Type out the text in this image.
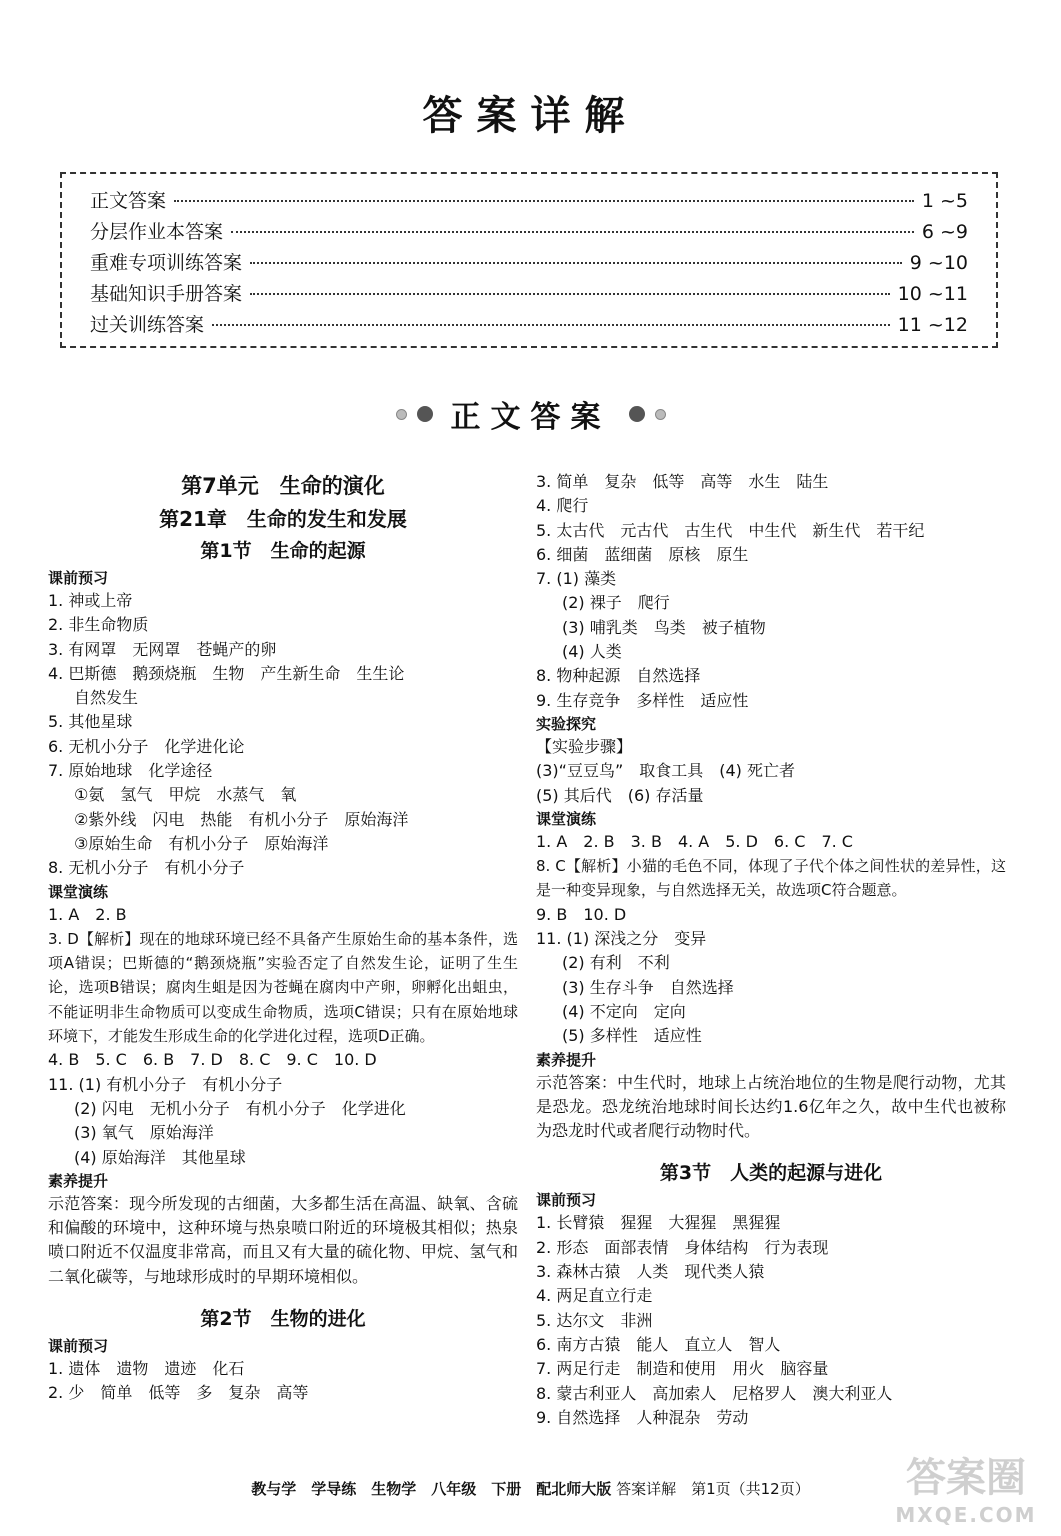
答案详解
正文答案	1 ~5
分层作业本答案	6 ~9
重难专项训练答案	9 ~10
基础知识手册答案	10 ~11
过关训练答案	11 ~12
正文答案
第7单元　生命的演化
第21章　生命的发生和发展
第1节　生命的起源
课前预习
1. 神或上帝
2. 非生命物质
3. 有网罩　无网罩　苍蝇产的卵
4. 巴斯德　鹅颈烧瓶　生物　产生新生命　生生论
自然发生
5. 其他星球
6. 无机小分子　化学进化论
7. 原始地球　化学途径
①氨　氢气　甲烷　水蒸气　氧
②紫外线　闪电　热能　有机小分子　原始海洋
③原始生命　有机小分子　原始海洋
8. 无机小分子　有机小分子
课堂演练
1. A　2. B
3. D【解析】现在的地球环境已经不具备产生原始生命的基本条件，选项A错误；巴斯德的“鹅颈烧瓶”实验否定了自然发生论，证明了生生论，选项B错误；腐肉生蛆是因为苍蝇在腐肉中产卵，卵孵化出蛆虫，不能证明非生命物质可以变成生命物质，选项C错误；只有在原始地球环境下，才能发生形成生命的化学进化过程，选项D正确。
4. B　5. C　6. B　7. D　8. C　9. C　10. D
11. (1) 有机小分子　有机小分子
(2) 闪电　无机小分子　有机小分子　化学进化
(3) 氧气　原始海洋
(4) 原始海洋　其他星球
素养提升
示范答案：现今所发现的古细菌，大多都生活在高温、缺氧、含硫和偏酸的环境中，这种环境与热泉喷口附近的环境极其相似；热泉喷口附近不仅温度非常高，而且又有大量的硫化物、甲烷、氢气和二氧化碳等，与地球形成时的早期环境相似。
第2节　生物的进化
课前预习
1. 遗体　遗物　遗迹　化石
2. 少　简单　低等　多　复杂　高等
3. 简单　复杂　低等　高等　水生　陆生
4. 爬行
5. 太古代　元古代　古生代　中生代　新生代　若干纪
6. 细菌　蓝细菌　原核　原生
7. (1) 藻类
(2) 裸子　爬行
(3) 哺乳类　鸟类　被子植物
(4) 人类
8. 物种起源　自然选择
9. 生存竞争　多样性　适应性
实验探究
【实验步骤】
(3)“豆豆鸟”　取食工具　(4) 死亡者
(5) 其后代　(6) 存活量
课堂演练
1. A　2. B　3. B　4. A　5. D　6. C　7. C
8. C【解析】小猫的毛色不同，体现了子代个体之间性状的差异性，这是一种变异现象，与自然选择无关，故选项C符合题意。
9. B　10. D
11. (1) 深浅之分　变异
(2) 有利　不利
(3) 生存斗争　自然选择
(4) 不定向　定向
(5) 多样性　适应性
素养提升
示范答案：中生代时，地球上占统治地位的生物是爬行动物，尤其是恐龙。恐龙统治地球时间长达约1.6亿年之久，故中生代也被称为恐龙时代或者爬行动物时代。
第3节　人类的起源与进化
课前预习
1. 长臂猿　猩猩　大猩猩　黑猩猩
2. 形态　面部表情　身体结构　行为表现
3. 森林古猿　人类　现代类人猿
4. 两足直立行走
5. 达尔文　非洲
6. 南方古猿　能人　直立人　智人
7. 两足行走　制造和使用　用火　脑容量
8. 蒙古利亚人　高加索人　尼格罗人　澳大利亚人
9. 自然选择　人种混杂　劳动
教与学　学导练　生物学　八年级　下册　配北师大版 答案详解　第1页（共12页）	答案圈
MXQE.COM
